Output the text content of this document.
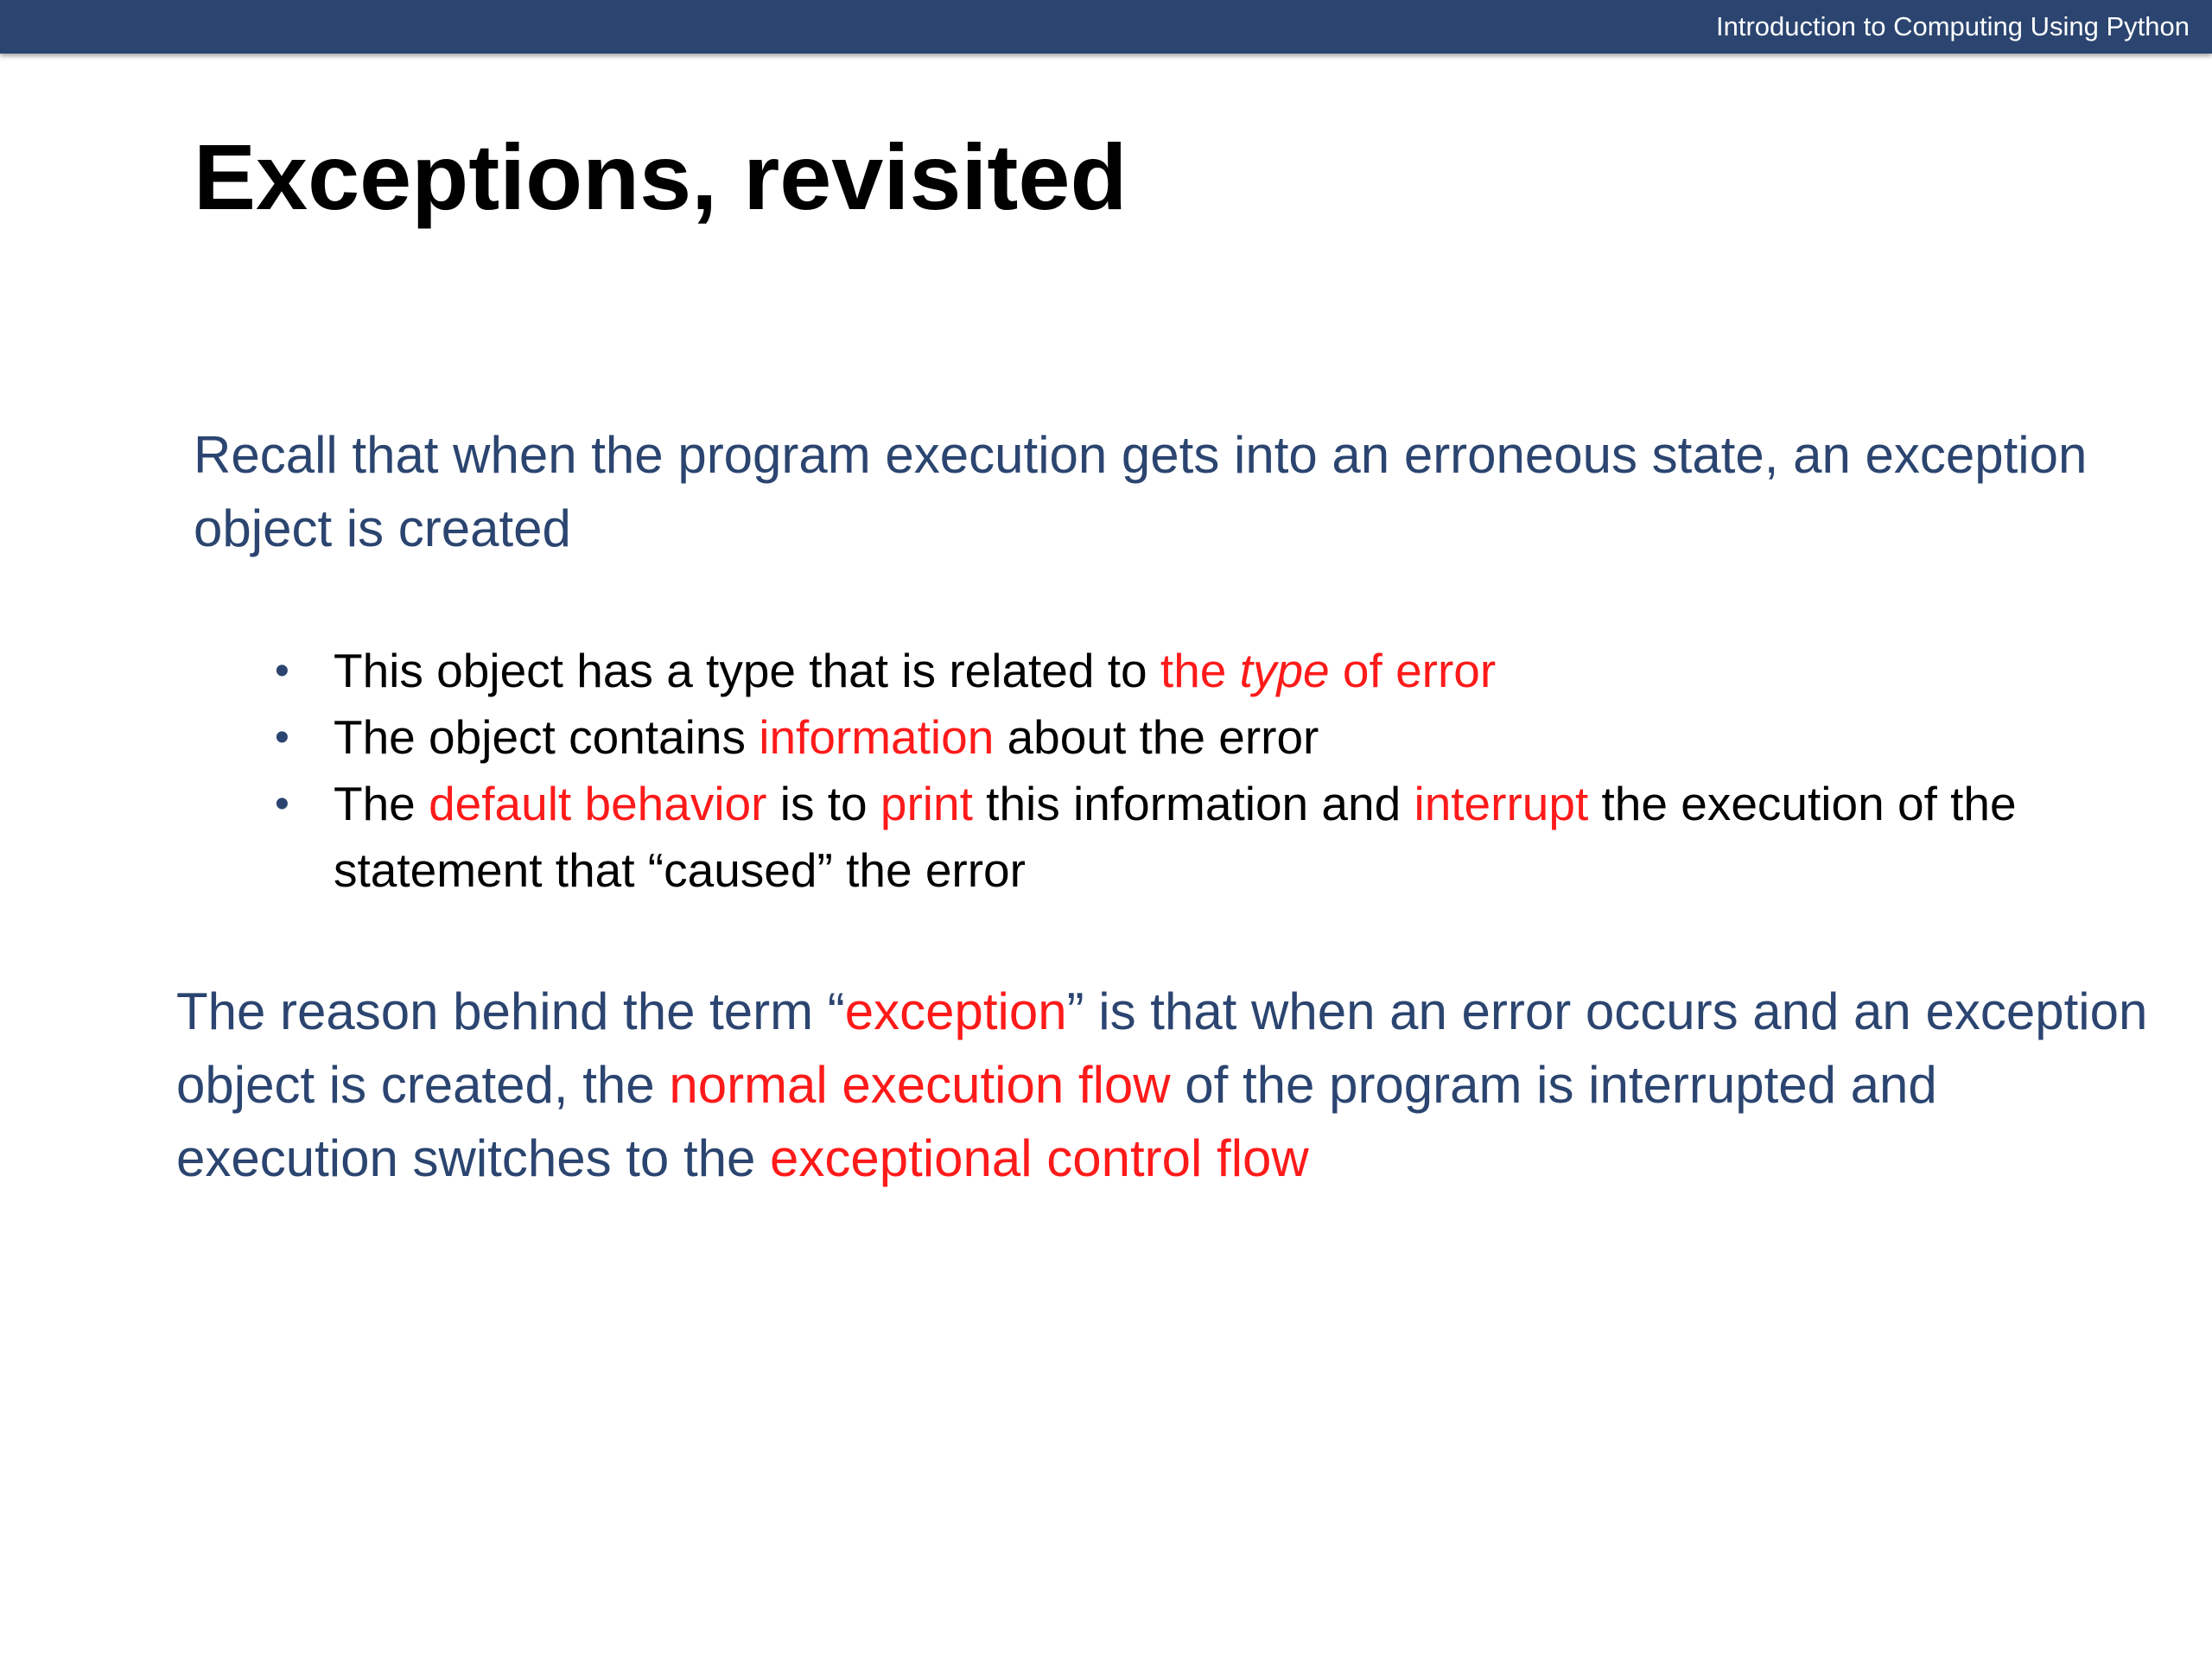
Introduction to Computing Using Python
Exceptions, revisited
Recall that when the program execution gets into an erroneous state, an exception object is created
• This object has a type that is related to the type of error
• The object contains information about the error
• The default behavior is to print this information and interrupt the execution of the statement that “caused” the error
The reason behind the term “exception” is that when an error occurs and an exception object is created, the normal execution flow of the program is interrupted and execution switches to the exceptional control flow
